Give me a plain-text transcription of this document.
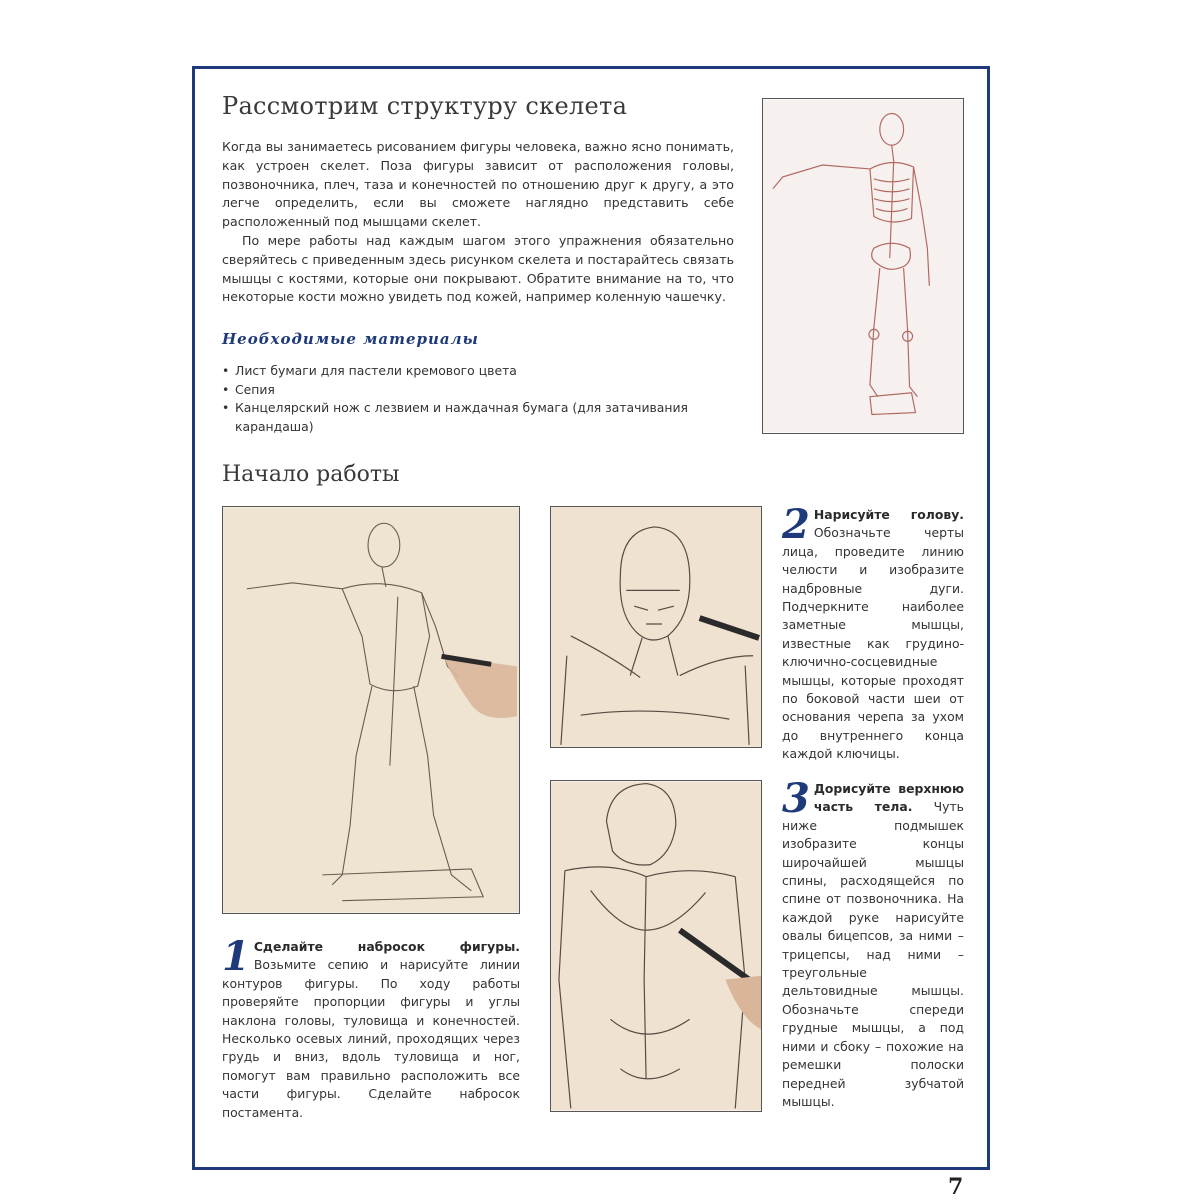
Рассмотрим структуру скелета

Когда вы занимаетесь рисованием фигуры человека, важно ясно понимать, как устроен скелет. Поза фигуры зависит от расположения головы, позвоночника, плеч, таза и конечностей по отношению друг к другу, а это легче определить, если вы сможете наглядно представить себе расположенный под мышцами скелет.

По мере работы над каждым шагом этого упражнения обязательно сверяйтесь с приведенным здесь рисунком скелета и постарайтесь связать мышцы с костями, которые они покрывают. Обратите внимание на то, что некоторые кости можно увидеть под кожей, например коленную чашечку.

Необходимые материалы
• Лист бумаги для пастели кремового цвета
• Сепия
• Канцелярский нож с лезвием и наждачная бумага (для затачивания карандаша)
Начало работы
1 Сделайте набросок фигуры. Возьмите сепию и нарисуйте линии контуров фигуры. По ходу работы проверяйте пропорции фигуры и углы наклона головы, туловища и конечностей. Несколько осевых линий, проходящих через грудь и вниз, вдоль туловища и ног, помогут вам правильно расположить все части фигуры. Сделайте набросок постамента.
2 Нарисуйте голову. Обозначьте черты лица, проведите линию челюсти и изобразите надбровные дуги. Подчеркните наиболее заметные мышцы, известные как грудино-ключично-сосцевидные мышцы, которые проходят по боковой части шеи от основания черепа за ухом до внутреннего конца каждой ключицы.
3 Дорисуйте верхнюю часть тела. Чуть ниже подмышек изобразите концы широчайшей мышцы спины, расходящейся по спине от позвоночника. На каждой руке нарисуйте овалы бицепсов, за ними – трицепсы, над ними – треугольные дельтовидные мышцы. Обозначьте спереди грудные мышцы, а под ними и сбоку – похожие на ремешки полоски передней зубчатой мышцы.
7
